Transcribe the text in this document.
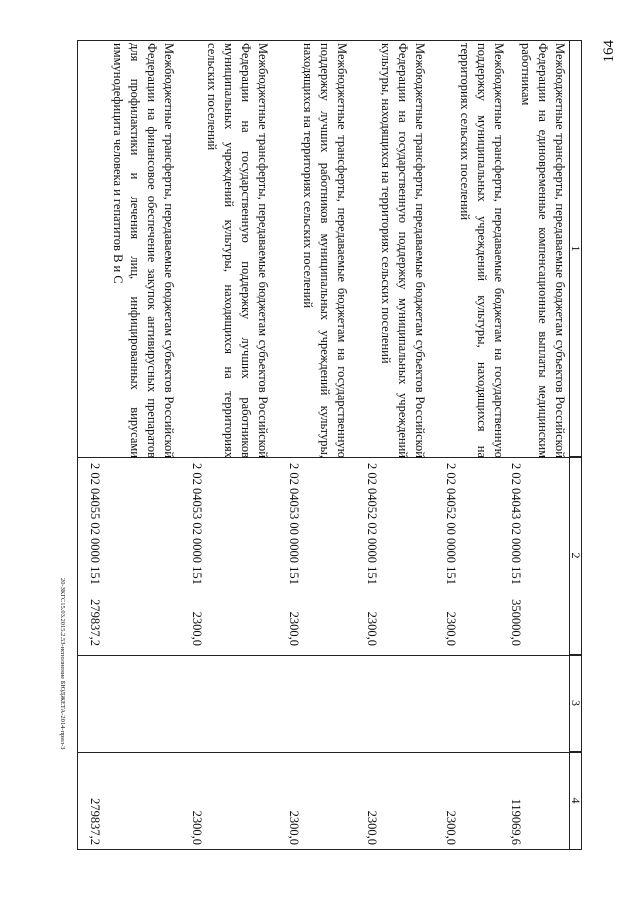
164
1
2
3
4
Межбюджетные трансферты, передаваемые бюджетам субъектов Российской Федерации на единовременные компенсационные выплаты медицинским работникам
2 02 04043 02 0000 151
350000,0
119069,6
Межбюджетные трансферты, передаваемые бюджетам на государственную поддержку муниципальных учреждений культуры, находящихся на территориях сельских поселений
2 02 04052 00 0000 151
2300,0
2300,0
Межбюджетные трансферты, передаваемые бюджетам субъектов Российской Федерации на государственную поддержку муниципальных учреждений культуры, находящихся на территориях сельских поселений
2 02 04052 02 0000 151
2300,0
2300,0
Межбюджетные трансферты, передаваемые бюджетам на государственную поддержку лучших работников муниципальных учреждений культуры, находящихся на территориях сельских поселений
2 02 04053 00 0000 151
2300,0
2300,0
Межбюджетные трансферты, передаваемые бюджетам субъектов Российской Федерации на государственную поддержку лучших работников муниципальных учреждений культуры, находящихся на территориях сельских поселений
2 02 04053 02 0000 151
2300,0
2300,0
Межбюджетные трансферты, передаваемые бюджетам субъектов Российской Федерации на финансовое обеспечение закупок антивирусных препаратов для профилактики и лечения лиц, инфицированных вирусами иммунодефицита человека и гепатитов В и С
2 02 04055 02 0000 151
279837,2
279837,2
20-ЗКГС15.03.2015.2.53-исполнение БЮДЖЕТА-2014-прил-3
